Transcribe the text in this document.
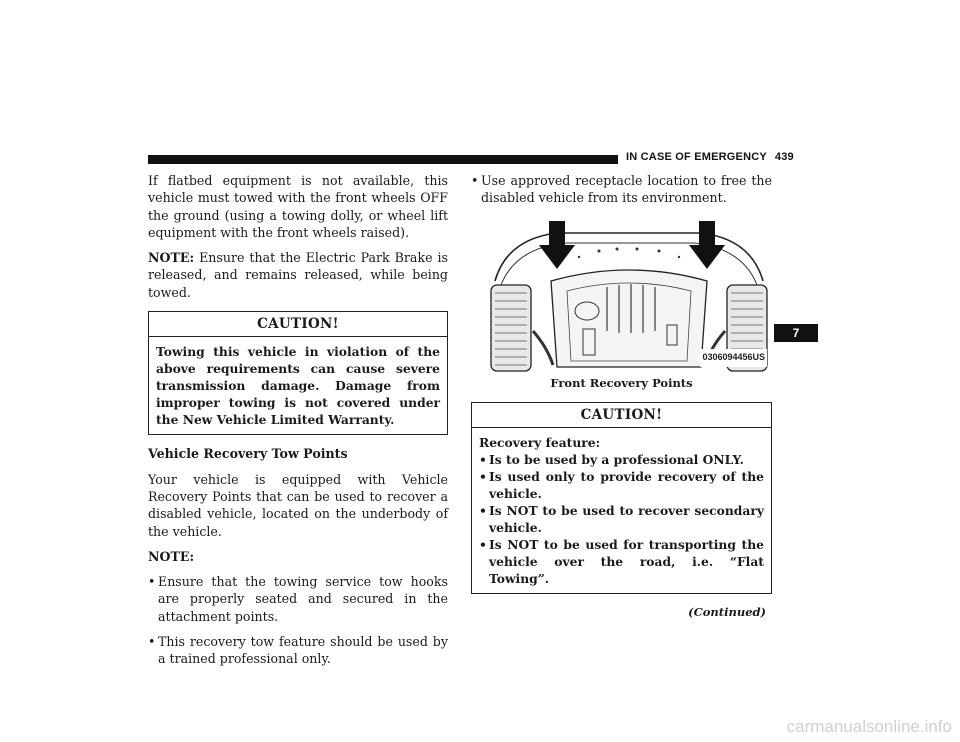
IN CASE OF EMERGENCY 439

If flatbed equipment is not available, this vehicle must towed with the front wheels OFF the ground (using a towing dolly, or wheel lift equipment with the front wheels raised).

NOTE: Ensure that the Electric Park Brake is released, and remains released, while being towed.

CAUTION!
Towing this vehicle in violation of the above requirements can cause severe transmission damage. Damage from improper towing is not covered under the New Vehicle Limited Warranty.

Vehicle Recovery Tow Points

Your vehicle is equipped with Vehicle Recovery Points that can be used to recover a disabled vehicle, located on the underbody of the vehicle.

NOTE:

• Ensure that the towing service tow hooks are properly seated and secured in the attachment points.
• This recovery tow feature should be used by a trained professional only.
• Use approved receptacle location to free the disabled vehicle from its environment.
0306094456US
Front Recovery Points
CAUTION!
Recovery feature:
• Is to be used by a professional ONLY.
• Is used only to provide recovery of the vehicle.
• Is NOT to be used to recover secondary vehicle.
• Is NOT to be used for transporting the vehicle over the road, i.e. “Flat Towing”.
(Continued)
7
carmanualsonline.info
